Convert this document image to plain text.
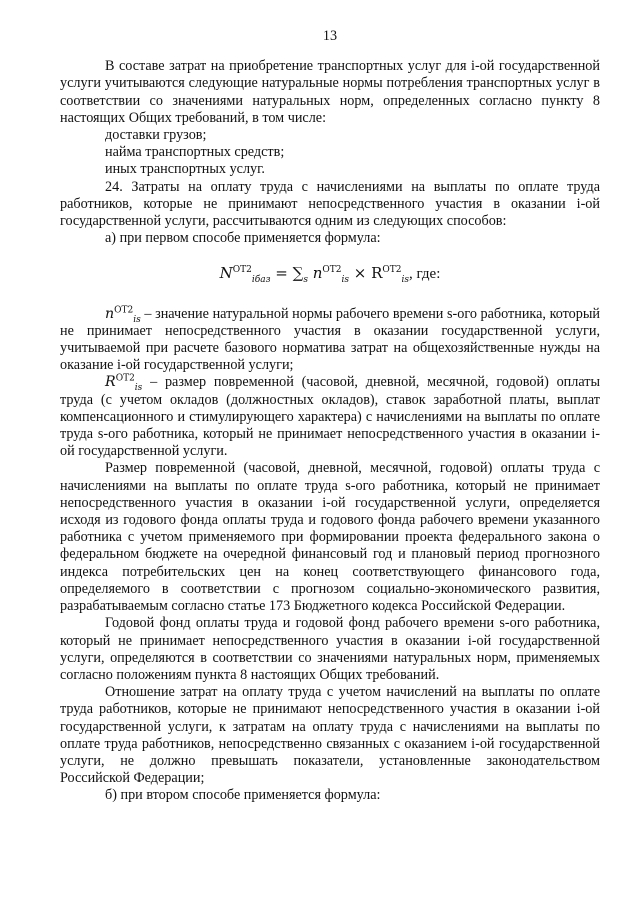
13

В составе затрат на приобретение транспортных услуг для i-ой государственной услуги учитываются следующие натуральные нормы потребления транспортных услуг в соответствии со значениями натуральных норм, определенных согласно пункту 8 настоящих Общих требований, в том числе:

доставки грузов;

найма транспортных средств;

иных транспортных услуг.

24. Затраты на оплату труда с начислениями на выплаты по оплате труда работников, которые не принимают непосредственного участия в оказании i-ой государственной услуги, рассчитываются одним из следующих способов:

а) при первом способе применяется формула:

$N^{ОТ2}_{iбаз} = \sum_s$ $n^{ОТ2}_{is} \times R^{ОТ2}_{is}$, где:

$n^{ОТ2}_{is}$ – значение натуральной нормы рабочего времени s-ого работника, который не принимает непосредственного участия в оказании государственной услуги, учитываемой при расчете базового норматива затрат на общехозяйственные нужды на оказание i-ой государственной услуги;

$R^{ОТ2}_{is}$ – размер повременной (часовой, дневной, месячной, годовой) оплаты труда (с учетом окладов (должностных окладов), ставок заработной платы, выплат компенсационного и стимулирующего характера) с начислениями на выплаты по оплате труда s-ого работника, который не принимает непосредственного участия в оказании i-ой государственной услуги.

Размер повременной (часовой, дневной, месячной, годовой) оплаты труда с начислениями на выплаты по оплате труда s-ого работника, который не принимает непосредственного участия в оказании i-ой государственной услуги, определяется исходя из годового фонда оплаты труда и годового фонда рабочего времени указанного работника с учетом применяемого при формировании проекта федерального закона о федеральном бюджете на очередной финансовый год и плановый период прогнозного индекса потребительских цен на конец соответствующего финансового года, определяемого в соответствии с прогнозом социально-экономического развития, разрабатываемым согласно статье 173 Бюджетного кодекса Российской Федерации.

Годовой фонд оплаты труда и годовой фонд рабочего времени s-ого работника, который не принимает непосредственного участия в оказании i-ой государственной услуги, определяются в соответствии со значениями натуральных норм, применяемых согласно положениям пункта 8 настоящих Общих требований.

Отношение затрат на оплату труда с учетом начислений на выплаты по оплате труда работников, которые не принимают непосредственного участия в оказании i-ой государственной услуги, к затратам на оплату труда с начислениями на выплаты по оплате труда работников, непосредственно связанных с оказанием i-ой государственной услуги, не должно превышать показатели, установленные законодательством Российской Федерации;

б) при втором способе применяется формула:
